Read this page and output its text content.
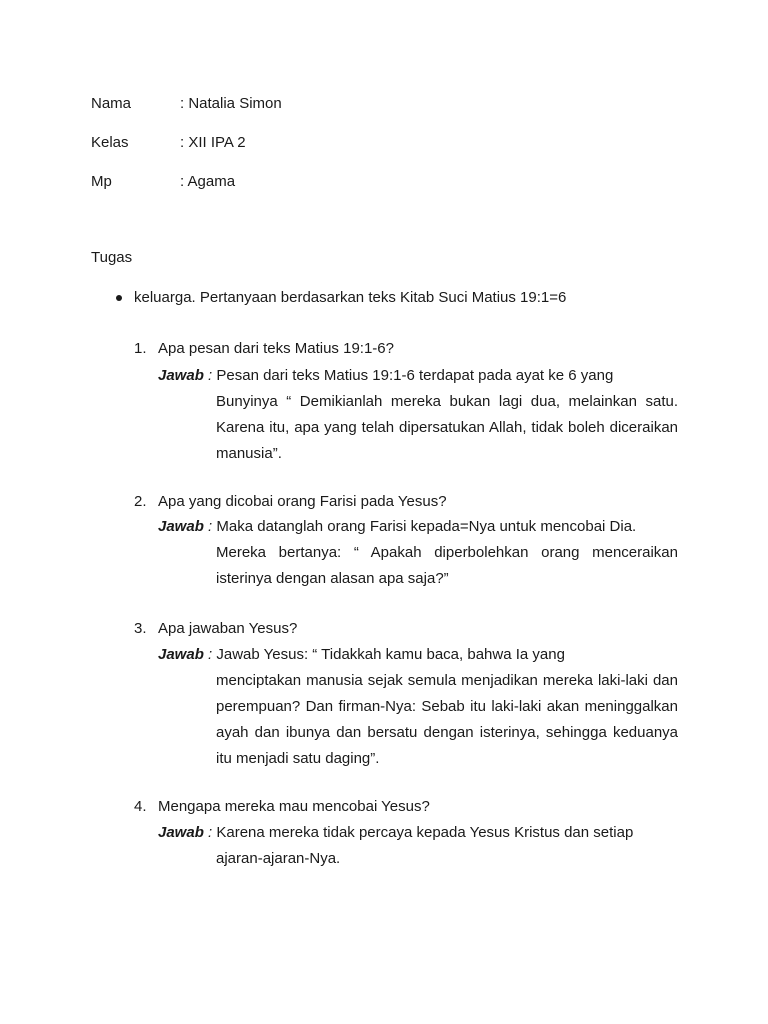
Nama	: Natalia Simon
Kelas	: XII IPA 2
Mp	: Agama
Tugas
keluarga. Pertanyaan berdasarkan teks Kitab Suci Matius 19:1=6
1. Apa pesan dari teks Matius 19:1-6?
Jawab : Pesan dari teks Matius 19:1-6 terdapat pada ayat ke 6 yang
Bunyinya “ Demikianlah mereka bukan lagi dua, melainkan satu. Karena itu, apa yang telah dipersatukan Allah, tidak boleh diceraikan manusia”.
2. Apa yang dicobai orang Farisi pada Yesus?
Jawab : Maka datanglah orang Farisi kepada=Nya untuk mencobai Dia.
Mereka bertanya: “ Apakah diperbolehkan orang menceraikan isterinya dengan alasan apa saja?”
3. Apa jawaban Yesus?
Jawab : Jawab Yesus: “ Tidakkah kamu baca, bahwa Ia yang
menciptakan manusia sejak semula menjadikan mereka laki-laki dan perempuan? Dan firman-Nya: Sebab itu laki-laki akan meninggalkan ayah dan ibunya dan bersatu dengan isterinya, sehingga keduanya itu menjadi satu daging”.
4. Mengapa mereka mau mencobai Yesus?
Jawab : Karena mereka tidak percaya kepada Yesus Kristus dan setiap
ajaran-ajaran-Nya.
